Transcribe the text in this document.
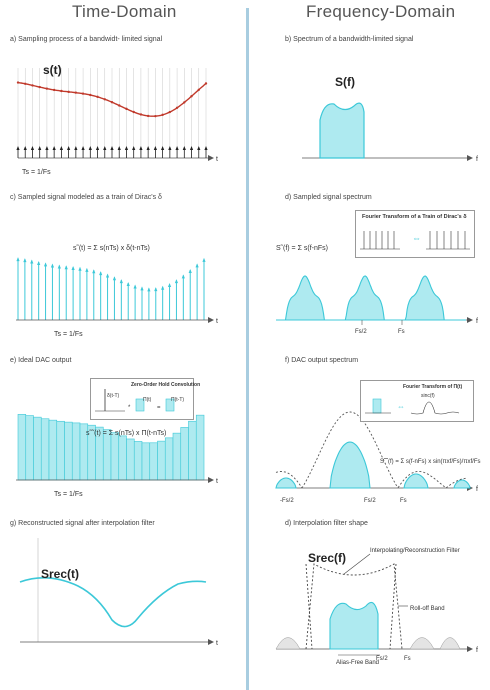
Time-Domain	Frequency-Domain
a) Sampling process of a bandwidt- limited signal	b) Spectrum of a bandwidth-limited signal
c) Sampled signal modeled as a train of Dirac's δ	d) Sampled signal spectrum
e) Ideal DAC output	f) DAC output spectrum
g) Reconstructed signal after interpolation filter	d) Interpolation filter shape
s(t)
t
Ts = 1/Fs
S(f)
f
s˜(t) = Σ s(nTs) x δ(t-nTs)
t
Ts = 1/Fs
S˜(f) = Σ s(f-nFs)
f
Fs/2	Fs
Fourier Transform of a Train of Dirac's δ
⇔
s˜˜(t) = Σ s(nTs) x Π(t-nTs)
t
Ts = 1/Fs
Zero-Order Hold Convolution
δ(t-T)
*
Π(t)
=
Π(t-T)
S˜˜(f) = Σ s(f-nFs) x sin(πxf/Fs)/πxf/Fs
f
-Fs/2	Fs/2	Fs
Fourier Transform of Π(t)
⇔
sinc(f)
Srec(t)
t
Srec(f)	Interpolating/Reconstruction Filter
Roll-off Band
Alias-Free Band
Fs/2	Fs
f
